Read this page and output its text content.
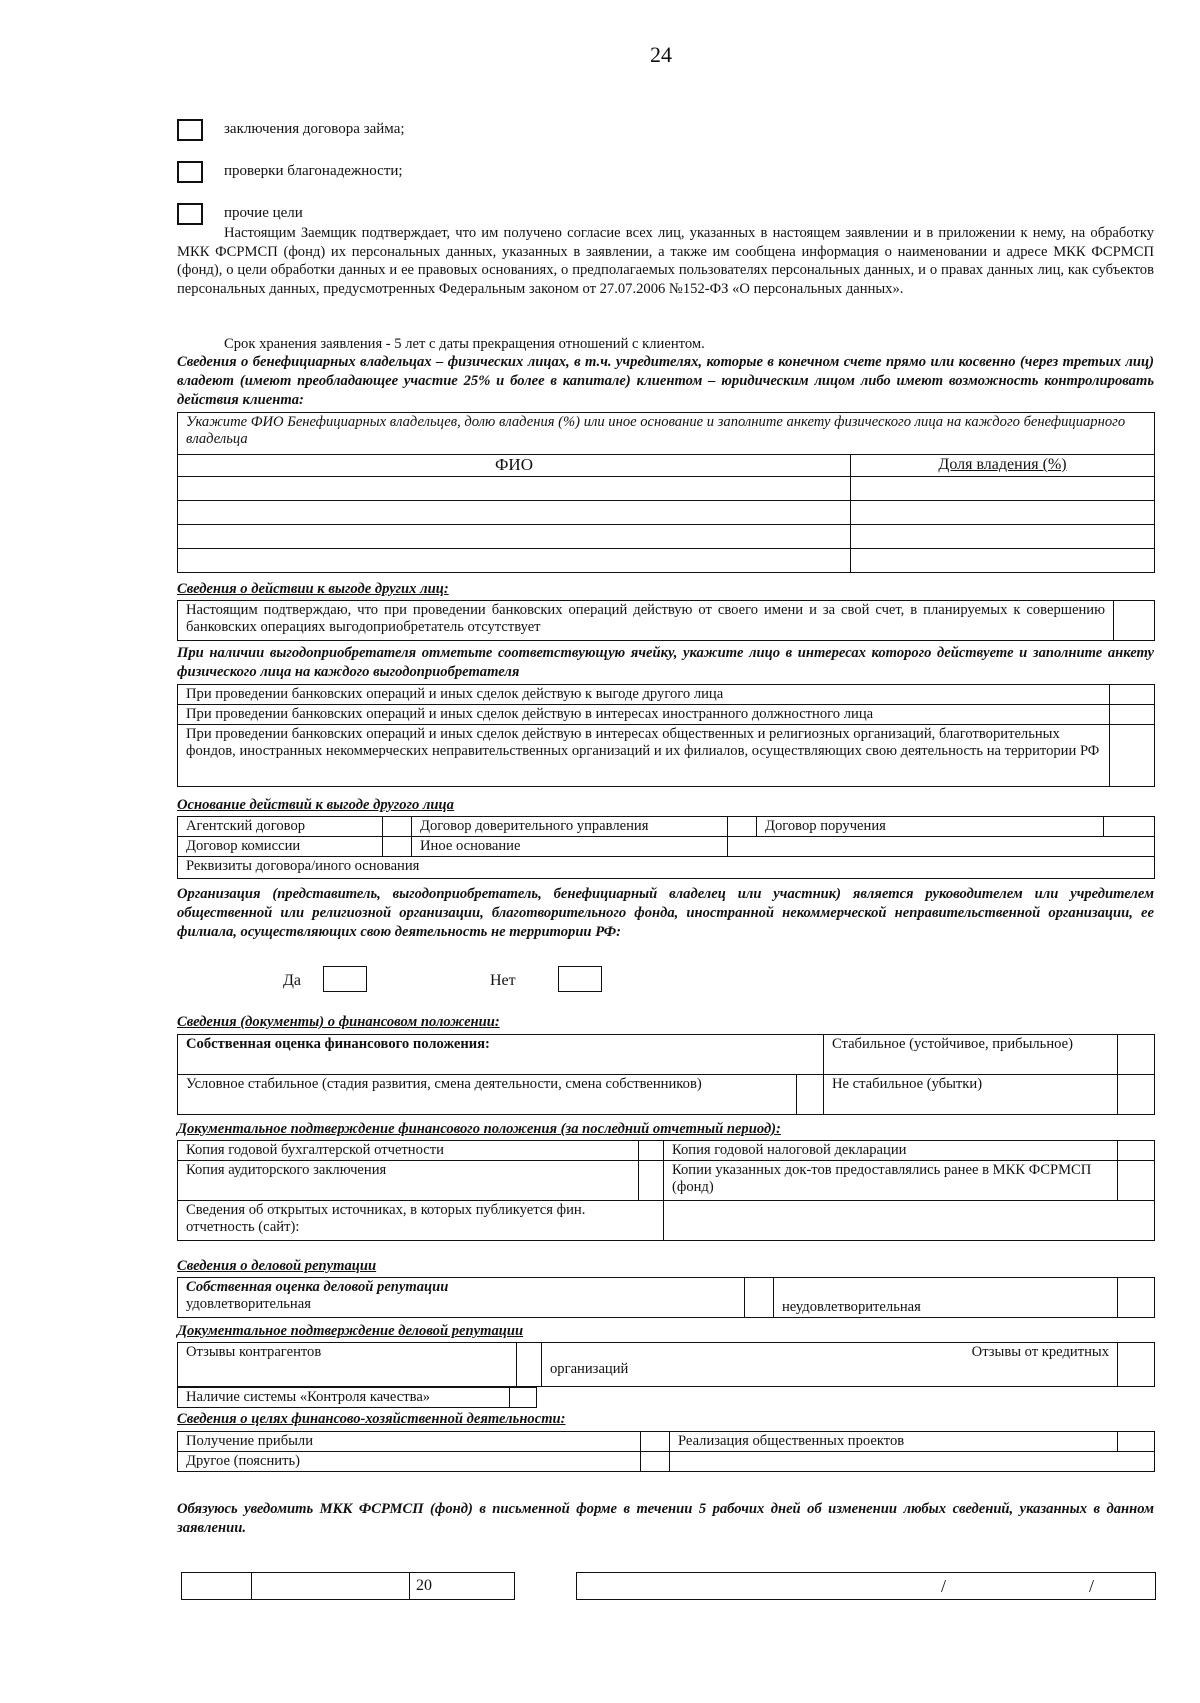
24
заключения договора займа;
проверки благонадежности;
прочие цели
Настоящим Заемщик подтверждает, что им получено согласие всех лиц, указанных в настоящем заявлении и в приложении к нему, на обработку МКК ФСРМСП (фонд) их персональных данных, указанных в заявлении, а также им сообщена информация о наименовании и адресе МКК ФСРМСП (фонд), о цели обработки данных и ее правовых основаниях, о предполагаемых пользователях персональных данных, и о правах данных лиц, как субъектов персональных данных, предусмотренных Федеральным законом от 27.07.2006 №152-ФЗ «О персональных данных».
Срок хранения заявления - 5 лет с даты прекращения отношений с клиентом.
Сведения о бенефициарных владельцах – физических лицах, в т.ч. учредителях, которые в конечном счете прямо или косвенно (через третьих лиц) владеют (имеют преобладающее участие 25% и более в капитале) клиентом – юридическим лицом либо имеют возможность контролировать действия клиента:
Укажите ФИО Бенефициарных владельцев, долю владения (%) или иное основание и заполните анкету физического лица на каждого бенефициарного владельца	
ФИО	Доля владения (%)

Сведения о действии к выгоде других лиц:
Настоящим подтверждаю, что при проведении банковских операций действую от своего имени и за свой счет, в планируемых к совершению банковских операциях выгодоприобретатель отсутствует	
При наличии выгодоприобретателя отметьте соответствующую ячейку, укажите лицо в интересах которого действуете и заполните анкету физического лица на каждого выгодоприобретателя
При проведении банковских операций и иных сделок действую к выгоде другого лица	
При проведении банковских операций и иных сделок действую в интересах иностранного должностного лица	
При проведении банковских операций и иных сделок действую в интересах общественных и религиозных организаций, благотворительных фондов, иностранных некоммерческих неправительственных организаций и их филиалов, осуществляющих свою деятельность на территории РФ	
Основание действий к выгоде другого лица
Агентский договор		Договор доверительного управления		Договор поручения	
Договор комиссии		Иное основание			
Реквизиты договора/иного основания					
Организация (представитель, выгодоприобретатель, бенефициарный владелец или участник) является руководителем или учредителем общественной или религиозной организации, благотворительного фонда, иностранной некоммерческой неправительственной организации, ее филиала, осуществляющих свою деятельность не территории РФ:
Да	Нет
Сведения (документы) о финансовом положении:
Собственная оценка финансового положения:		Стабильное (устойчивое, прибыльное)	
Условное стабильное (стадия развития, смена деятельности, смена собственников)		Не стабильное (убытки)	
Документальное подтверждение финансового положения (за последний отчетный период):
Копия годовой бухгалтерской отчетности		Копия годовой налоговой декларации	
Копия аудиторского заключения		Копии указанных док-тов предоставлялись ранее в МКК ФСРМСП (фонд)	
Сведения об открытых источниках, в которых публикуется фин. отчетность (сайт):			
Сведения о деловой репутации
Собственная оценка деловой репутации
удовлетворительная		неудовлетворительная	
Документальное подтверждение деловой репутации
Отзывы контрагентов		Отзывы от кредитных
организаций

Наличие системы «Контроля качества»	
Сведения о целях финансово-хозяйственной деятельности:
Получение прибыли		Реализация общественных проектов	
Другое (пояснить)			
Обязуюсь уведомить МКК ФСРМСП (фонд) в письменной форме в течении 5 рабочих дней об изменении любых сведений, указанных в данном заявлении.
20	/	/
